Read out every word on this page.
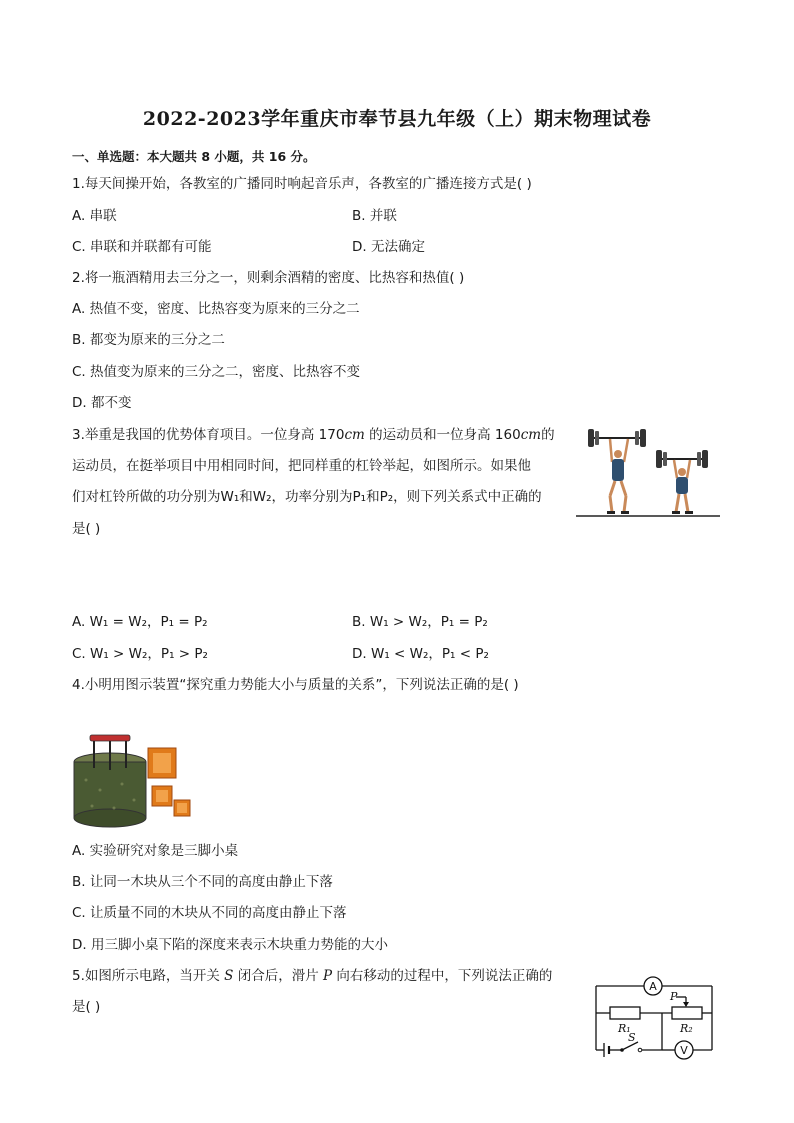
2022-2023学年重庆市奉节县九年级（上）期末物理试卷
一、单选题：本大题共 8 小题，共 16 分。
1.每天间操开始，各教室的广播同时响起音乐声，各教室的广播连接方式是( )
A. 串联	B. 并联
C. 串联和并联都有可能	D. 无法确定
2.将一瓶酒精用去三分之一，则剩余酒精的密度、比热容和热值( )
A. 热值不变，密度、比热容变为原来的三分之二
B. 都变为原来的三分之二
C. 热值变为原来的三分之二，密度、比热容不变
D. 都不变
3.举重是我国的优势体育项目。一位身高 170cm 的运动员和一位身高 160cm的
运动员，在挺举项目中用相同时间，把同样重的杠铃举起，如图所示。如果他
们对杠铃所做的功分别为W₁和W₂，功率分别为P₁和P₂，则下列关系式中正确的
是( )
A. W₁ = W₂，P₁ = P₂	B. W₁ > W₂，P₁ = P₂
C. W₁ > W₂，P₁ > P₂	D. W₁ < W₂，P₁ < P₂
4.小明用图示装置“探究重力势能大小与质量的关系”，下列说法正确的是( )
A. 实验研究对象是三脚小桌
B. 让同一木块从三个不同的高度由静止下落
C. 让质量不同的木块从不同的高度由静止下落
D. 用三脚小桌下陷的深度来表示木块重力势能的大小
5.如图所示电路，当开关 S 闭合后，滑片 P 向右移动的过程中，下列说法正确的
是( )
A
V
P
R₁	R₂
S
